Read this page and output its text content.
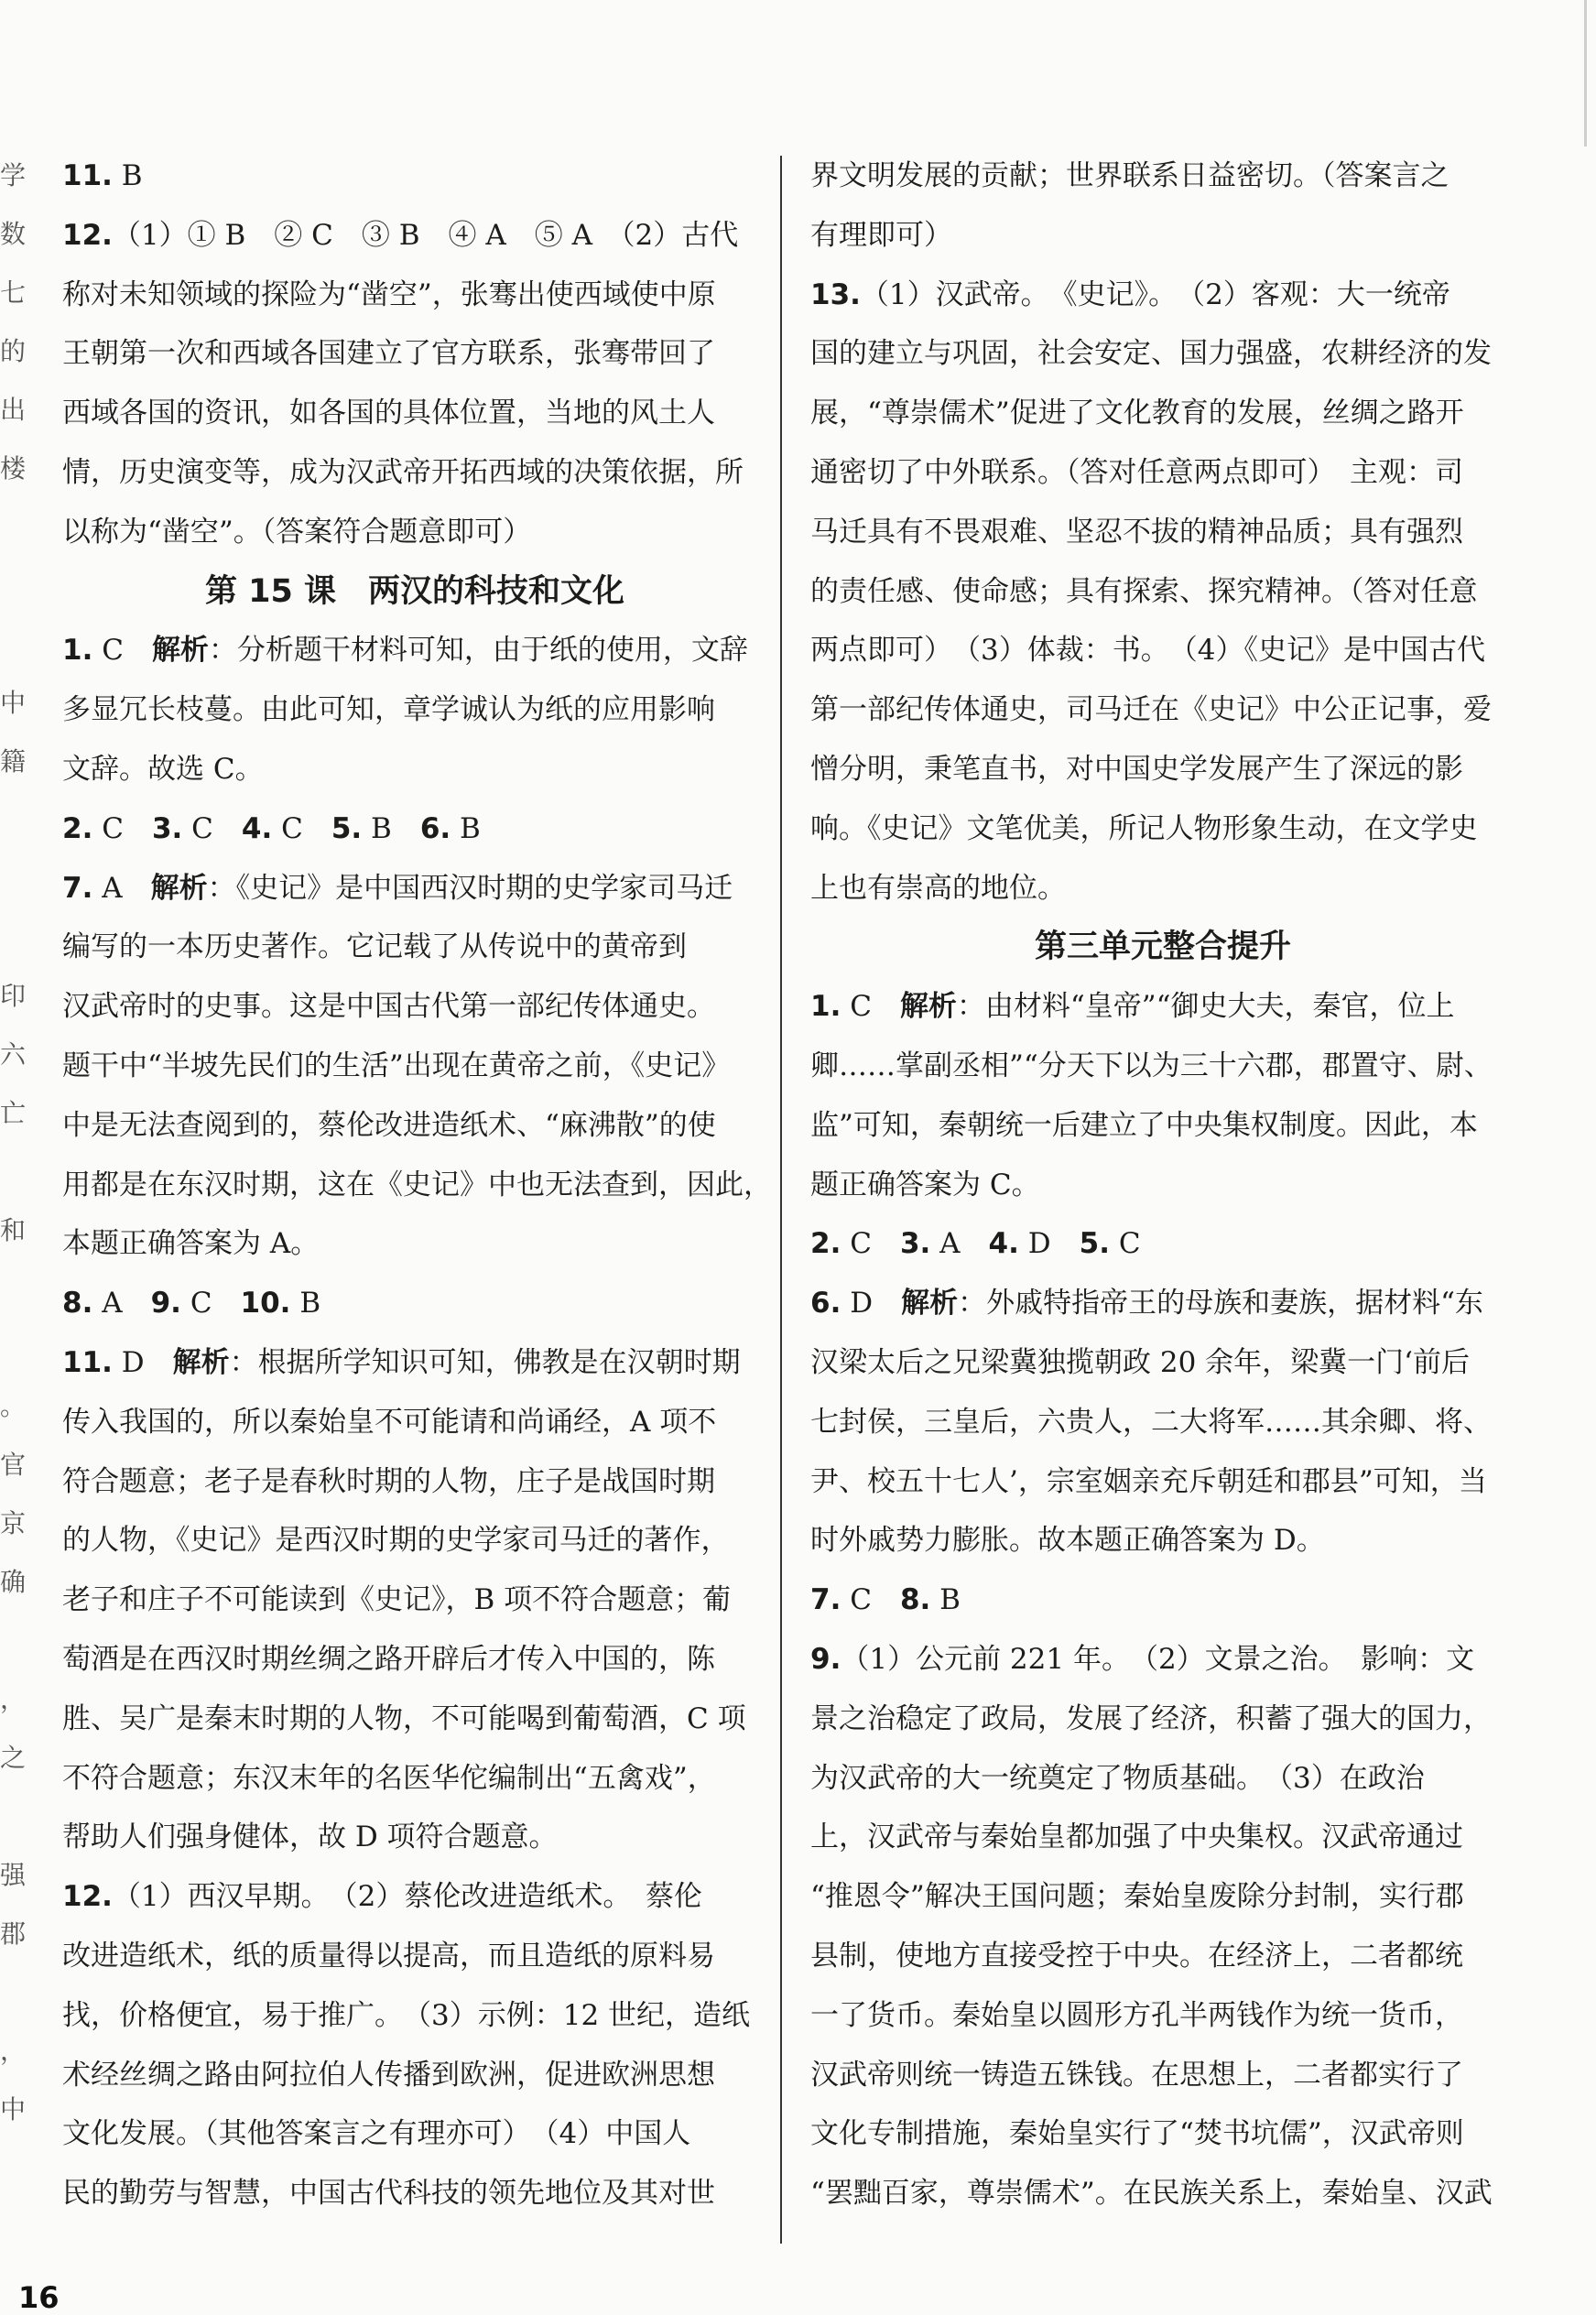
学
数
七
的
出
楼
中
籍
印
六
亡
和
。
官
京
确
，
之
强
郡
，
中
11. B
12.（1）① B　② C　③ B　④ A　⑤ A　（2）古代
称对未知领域的探险为“凿空”，张骞出使西域使中原
王朝第一次和西域各国建立了官方联系，张骞带回了
西域各国的资讯，如各国的具体位置，当地的风土人
情，历史演变等，成为汉武帝开拓西域的决策依据，所
以称为“凿空”。（答案符合题意即可）
第 15 课　两汉的科技和文化
1. C　解析：分析题干材料可知，由于纸的使用，文辞
多显冗长枝蔓。由此可知，章学诚认为纸的应用影响
文辞。故选 C。
2. C　3. C　4. C　5. B　6. B
7. A　解析：《史记》是中国西汉时期的史学家司马迁
编写的一本历史著作。它记载了从传说中的黄帝到
汉武帝时的史事。这是中国古代第一部纪传体通史。
题干中“半坡先民们的生活”出现在黄帝之前，《史记》
中是无法查阅到的，蔡伦改进造纸术、“麻沸散”的使
用都是在东汉时期，这在《史记》中也无法查到，因此，
本题正确答案为 A。
8. A　9. C　10. B
11. D　解析：根据所学知识可知，佛教是在汉朝时期
传入我国的，所以秦始皇不可能请和尚诵经，A 项不
符合题意；老子是春秋时期的人物，庄子是战国时期
的人物，《史记》是西汉时期的史学家司马迁的著作，
老子和庄子不可能读到《史记》，B 项不符合题意；葡
萄酒是在西汉时期丝绸之路开辟后才传入中国的，陈
胜、吴广是秦末时期的人物，不可能喝到葡萄酒，C 项
不符合题意；东汉末年的名医华佗编制出“五禽戏”，
帮助人们强身健体，故 D 项符合题意。
12.（1）西汉早期。　（2）蔡伦改进造纸术。　蔡伦
改进造纸术，纸的质量得以提高，而且造纸的原料易
找，价格便宜，易于推广。　（3）示例：12 世纪，造纸
术经丝绸之路由阿拉伯人传播到欧洲，促进欧洲思想
文化发展。（其他答案言之有理亦可）　（4）中国人
民的勤劳与智慧，中国古代科技的领先地位及其对世
界文明发展的贡献；世界联系日益密切。（答案言之
有理即可）
13.（1）汉武帝。　《史记》。　（2）客观：大一统帝
国的建立与巩固，社会安定、国力强盛，农耕经济的发
展，“尊崇儒术”促进了文化教育的发展，丝绸之路开
通密切了中外联系。（答对任意两点即可）　主观：司
马迁具有不畏艰难、坚忍不拔的精神品质；具有强烈
的责任感、使命感；具有探索、探究精神。（答对任意
两点即可）　（3）体裁：书。　（4）《史记》是中国古代
第一部纪传体通史，司马迁在《史记》中公正记事，爱
憎分明，秉笔直书，对中国史学发展产生了深远的影
响。《史记》文笔优美，所记人物形象生动，在文学史
上也有崇高的地位。
第三单元整合提升
1. C　解析：由材料“皇帝”“御史大夫，秦官，位上
卿……掌副丞相”“分天下以为三十六郡，郡置守、尉、
监”可知，秦朝统一后建立了中央集权制度。因此，本
题正确答案为 C。
2. C　3. A　4. D　5. C
6. D　解析：外戚特指帝王的母族和妻族，据材料“东
汉梁太后之兄梁冀独揽朝政 20 余年，梁冀一门‘前后
七封侯，三皇后，六贵人，二大将军……其余卿、将、
尹、校五十七人’，宗室姻亲充斥朝廷和郡县”可知，当
时外戚势力膨胀。故本题正确答案为 D。
7. C　8. B
9.（1）公元前 221 年。　（2）文景之治。　影响：文
景之治稳定了政局，发展了经济，积蓄了强大的国力，
为汉武帝的大一统奠定了物质基础。　（3）在政治
上，汉武帝与秦始皇都加强了中央集权。汉武帝通过
“推恩令”解决王国问题；秦始皇废除分封制，实行郡
县制，使地方直接受控于中央。在经济上，二者都统
一了货币。秦始皇以圆形方孔半两钱作为统一货币，
汉武帝则统一铸造五铢钱。在思想上，二者都实行了
文化专制措施，秦始皇实行了“焚书坑儒”，汉武帝则
“罢黜百家，尊崇儒术”。在民族关系上，秦始皇、汉武
16
